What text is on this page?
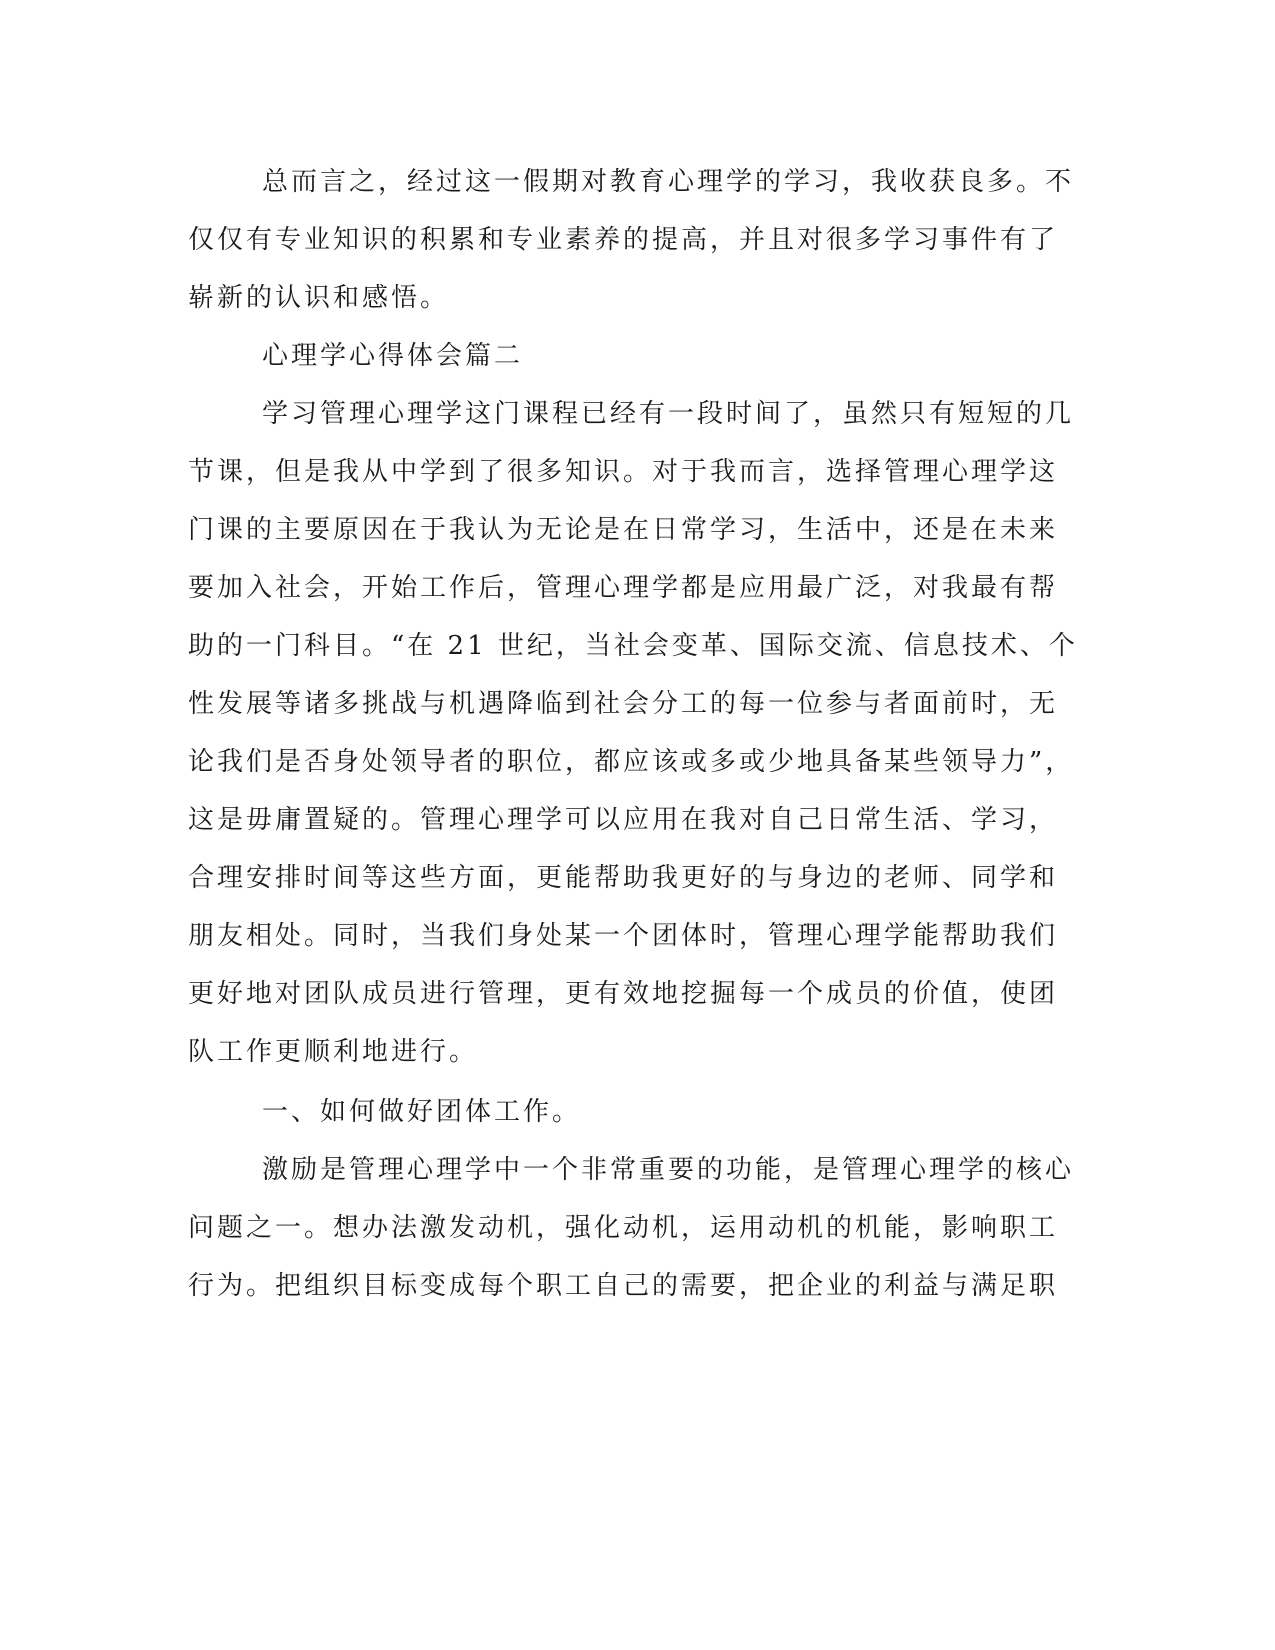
总而言之，经过这一假期对教育心理学的学习，我收获良多。不
仅仅有专业知识的积累和专业素养的提高，并且对很多学习事件有了
崭新的认识和感悟。
心理学心得体会篇二
学习管理心理学这门课程已经有一段时间了，虽然只有短短的几
节课，但是我从中学到了很多知识。对于我而言，选择管理心理学这
门课的主要原因在于我认为无论是在日常学习，生活中，还是在未来
要加入社会，开始工作后，管理心理学都是应用最广泛，对我最有帮
助的一门科目。“在 21 世纪，当社会变革、国际交流、信息技术、个
性发展等诸多挑战与机遇降临到社会分工的每一位参与者面前时，无
论我们是否身处领导者的职位，都应该或多或少地具备某些领导力”，
这是毋庸置疑的。管理心理学可以应用在我对自己日常生活、学习，
合理安排时间等这些方面，更能帮助我更好的与身边的老师、同学和
朋友相处。同时，当我们身处某一个团体时，管理心理学能帮助我们
更好地对团队成员进行管理，更有效地挖掘每一个成员的价值，使团
队工作更顺利地进行。
一、如何做好团体工作。
激励是管理心理学中一个非常重要的功能，是管理心理学的核心
问题之一。想办法激发动机，强化动机，运用动机的机能，影响职工
行为。把组织目标变成每个职工自己的需要，把企业的利益与满足职
